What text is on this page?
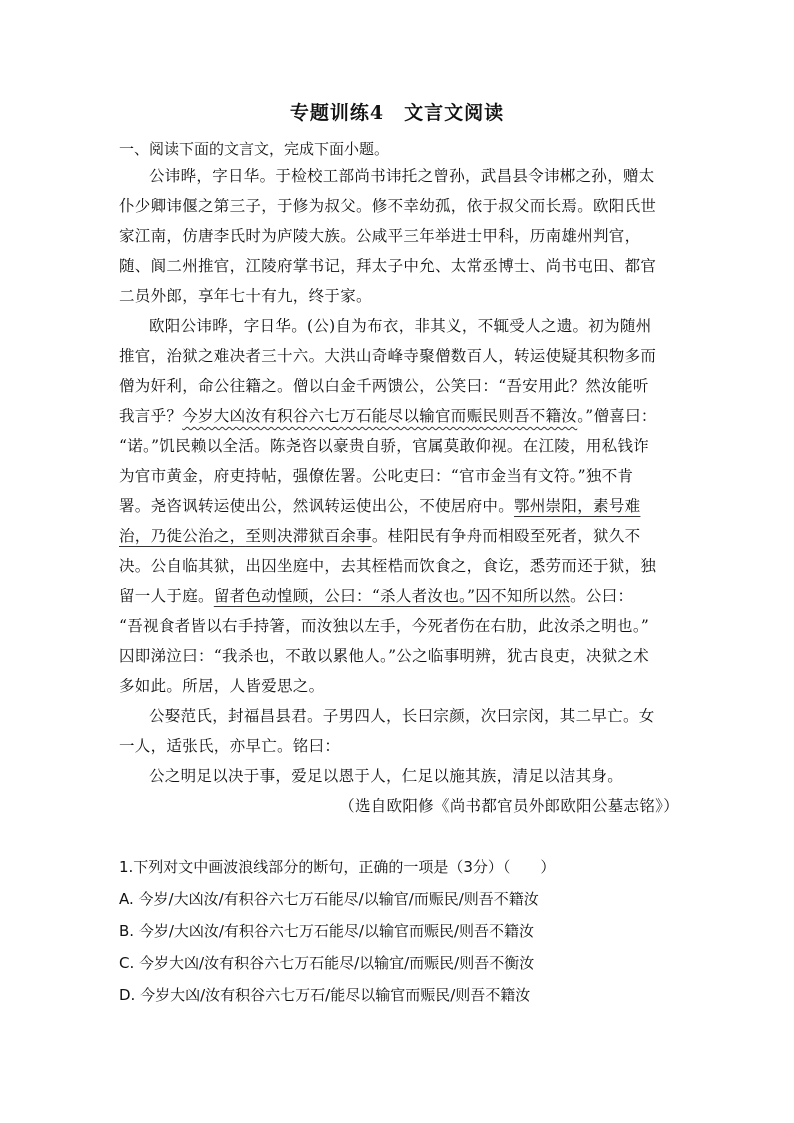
专题训练4　文言文阅读
一、阅读下面的文言文，完成下面小题。
公讳晔，字日华。于检校工部尚书讳托之曾孙，武昌县令讳郴之孙，赠太
仆少卿讳偃之第三子，于修为叔父。修不幸幼孤，依于叔父而长焉。欧阳氏世
家江南，仿唐李氏时为庐陵大族。公咸平三年举进士甲科，历南雄州判官，
随、阆二州推官，江陵府掌书记，拜太子中允、太常丞博士、尚书屯田、都官
二员外郎，享年七十有九，终于家。
欧阳公讳晔，字日华。(公)自为布衣，非其义，不辄受人之遗。初为随州
推官，治狱之难决者三十六。大洪山奇峰寺聚僧数百人，转运使疑其积物多而
僧为奸利，命公往籍之。僧以白金千两馈公，公笑曰：“吾安用此？然汝能听
我言乎？今岁大凶汝有积谷六七万石能尽以输官而赈民则吾不籍汝。”僧喜曰：
“诺。”饥民赖以全活。陈尧咨以豪贵自骄，官属莫敢仰视。在江陵，用私钱诈
为官市黄金，府吏持帖，强僚佐署。公叱吏曰：“官市金当有文符。”独不肯
署。尧咨讽转运使出公，然讽转运使出公，不使居府中。鄂州崇阳，素号难
治，乃徙公治之，至则决滞狱百余事。桂阳民有争舟而相殴至死者，狱久不
决。公自临其狱，出囚坐庭中，去其桎梏而饮食之，食讫，悉劳而还于狱，独
留一人于庭。留者色动惶顾，公曰：“杀人者汝也。”囚不知所以然。公曰：
“吾视食者皆以右手持箸，而汝独以左手，今死者伤在右肋，此汝杀之明也。”
囚即涕泣曰：“我杀也，不敢以累他人。”公之临事明辨，犹古良吏，决狱之术
多如此。所居，人皆爱思之。
公娶范氏，封福昌县君。子男四人，长曰宗颜，次曰宗闵，其二早亡。女
一人，适张氏，亦早亡。铭曰：
公之明足以决于事，爱足以恩于人，仁足以施其族，清足以洁其身。
（选自欧阳修《尚书都官员外郎欧阳公墓志铭》）
1.下列对文中画波浪线部分的断句，正确的一项是（3分）（　　）
A. 今岁/大凶汝/有积谷六七万石能尽/以输官/而赈民/则吾不籍汝
B. 今岁/大凶汝/有积谷六七万石能尽/以输官而赈民/则吾不籍汝
C. 今岁大凶/汝有积谷六七万石能尽/以输宜/而赈民/则吾不衡汝
D. 今岁大凶/汝有积谷六七万石/能尽以输官而赈民/则吾不籍汝
